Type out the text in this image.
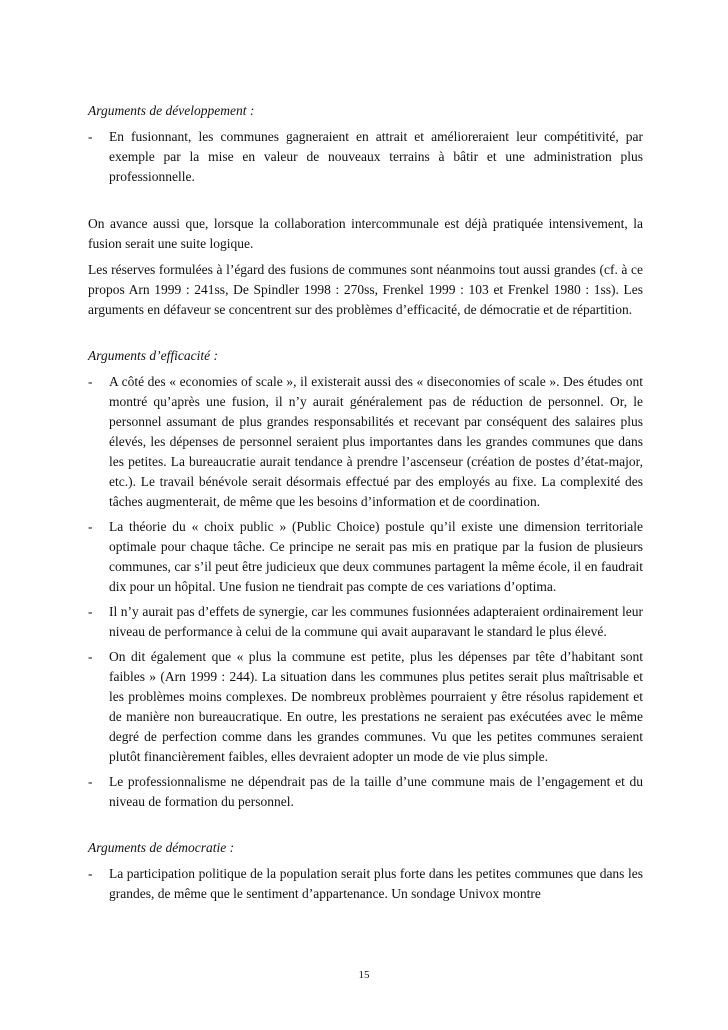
Arguments de développement :
-	En fusionnant, les communes gagneraient en attrait et amélioreraient leur compétitivité, par exemple par la mise en valeur de nouveaux terrains à bâtir et une administration plus professionnelle.

On avance aussi que, lorsque la collaboration intercommunale est déjà pratiquée intensivement, la fusion serait une suite logique.

Les réserves formulées à l’égard des fusions de communes sont néanmoins tout aussi grandes (cf. à ce propos Arn 1999 : 241ss, De Spindler 1998 : 270ss, Frenkel 1999 : 103 et Frenkel 1980 : 1ss). Les arguments en défaveur se concentrent sur des problèmes d’efficacité, de démocratie et de répartition.

Arguments d’efficacité :
-	A côté des « economies of scale », il existerait aussi des « diseconomies of scale ». Des études ont montré qu’après une fusion, il n’y aurait généralement pas de réduction de personnel. Or, le personnel assumant de plus grandes responsabilités et recevant par conséquent des salaires plus élevés, les dépenses de personnel seraient plus importantes dans les grandes communes que dans les petites. La bureaucratie aurait tendance à prendre l’ascenseur (création de postes d’état-major, etc.). Le travail bénévole serait désormais effectué par des employés au fixe. La complexité des tâches augmenterait, de même que les besoins d’information et de coordination.
-	La théorie du « choix public » (Public Choice) postule qu’il existe une dimension territoriale optimale pour chaque tâche. Ce principe ne serait pas mis en pratique par la fusion de plusieurs communes, car s’il peut être judicieux que deux communes partagent la même école, il en faudrait dix pour un hôpital. Une fusion ne tiendrait pas compte de ces variations d’optima.
-	Il n’y aurait pas d’effets de synergie, car les communes fusionnées adapteraient ordinairement leur niveau de performance à celui de la commune qui avait auparavant le standard le plus élevé.
-	On dit également que « plus la commune est petite, plus les dépenses par tête d’habitant sont faibles » (Arn 1999 : 244). La situation dans les communes plus petites serait plus maîtrisable et les problèmes moins complexes. De nombreux problèmes pourraient y être résolus rapidement et de manière non bureaucratique. En outre, les prestations ne seraient pas exécutées avec le même degré de perfection comme dans les grandes communes. Vu que les petites communes seraient plutôt financièrement faibles, elles devraient adopter un mode de vie plus simple.
-	Le professionnalisme ne dépendrait pas de la taille d’une commune mais de l’engagement et du niveau de formation du personnel.
Arguments de démocratie :
-	La participation politique de la population serait plus forte dans les petites communes que dans les grandes, de même que le sentiment d’appartenance. Un sondage Univox montre
15
